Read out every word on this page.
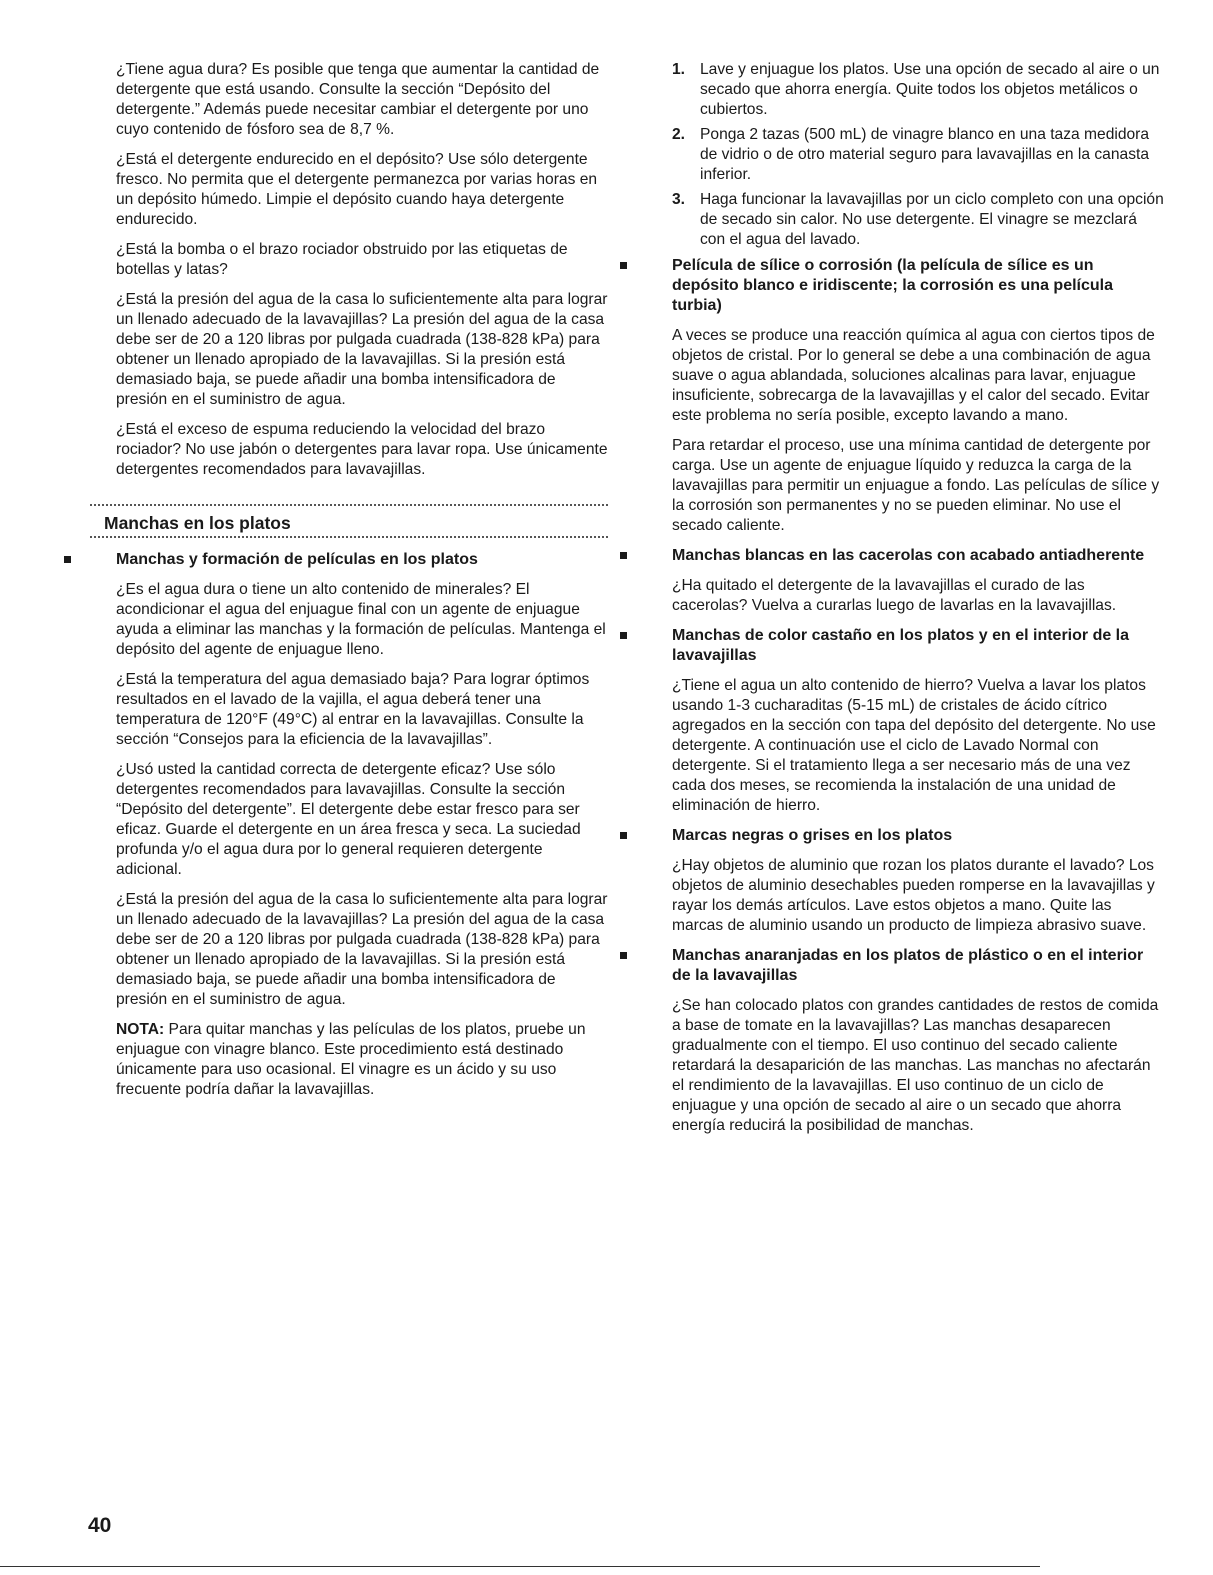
¿Tiene agua dura? Es posible que tenga que aumentar la cantidad de detergente que está usando. Consulte la sección “Depósito del detergente.” Además puede necesitar cambiar el detergente por uno cuyo contenido de fósforo sea de 8,7 %.

¿Está el detergente endurecido en el depósito? Use sólo detergente fresco. No permita que el detergente permanezca por varias horas en un depósito húmedo. Limpie el depósito cuando haya detergente endurecido.

¿Está la bomba o el brazo rociador obstruido por las etiquetas de botellas y latas?

¿Está la presión del agua de la casa lo suficientemente alta para lograr un llenado adecuado de la lavavajillas? La presión del agua de la casa debe ser de 20 a 120 libras por pulgada cuadrada (138-828 kPa) para obtener un llenado apropiado de la lavavajillas. Si la presión está demasiado baja, se puede añadir una bomba intensificadora de presión en el suministro de agua.

¿Está el exceso de espuma reduciendo la velocidad del brazo rociador? No use jabón o detergentes para lavar ropa. Use únicamente detergentes recomendados para lavavajillas.

Manchas en los platos
Manchas y formación de películas en los platos

¿Es el agua dura o tiene un alto contenido de minerales? El acondicionar el agua del enjuague final con un agente de enjuague ayuda a eliminar las manchas y la formación de películas. Mantenga el depósito del agente de enjuague lleno.

¿Está la temperatura del agua demasiado baja? Para lograr óptimos resultados en el lavado de la vajilla, el agua deberá tener una temperatura de 120°F (49°C) al entrar en la lavavajillas. Consulte la sección “Consejos para la eficiencia de la lavavajillas”.

¿Usó usted la cantidad correcta de detergente eficaz? Use sólo detergentes recomendados para lavavajillas. Consulte la sección “Depósito del detergente”. El detergente debe estar fresco para ser eficaz. Guarde el detergente en un área fresca y seca. La suciedad profunda y/o el agua dura por lo general requieren detergente adicional.

¿Está la presión del agua de la casa lo suficientemente alta para lograr un llenado adecuado de la lavavajillas? La presión del agua de la casa debe ser de 20 a 120 libras por pulgada cuadrada (138-828 kPa) para obtener un llenado apropiado de la lavavajillas. Si la presión está demasiado baja, se puede añadir una bomba intensificadora de presión en el suministro de agua.

NOTA: Para quitar manchas y las películas de los platos, pruebe un enjuague con vinagre blanco. Este procedimiento está destinado únicamente para uso ocasional. El vinagre es un ácido y su uso frecuente podría dañar la lavavajillas.

1. Lave y enjuague los platos. Use una opción de secado al aire o un secado que ahorra energía. Quite todos los objetos metálicos o cubiertos.
2. Ponga 2 tazas (500 mL) de vinagre blanco en una taza medidora de vidrio o de otro material seguro para lavavajillas en la canasta inferior.
3. Haga funcionar la lavavajillas por un ciclo completo con una opción de secado sin calor. No use detergente. El vinagre se mezclará con el agua del lavado.
Película de sílice o corrosión (la película de sílice es un depósito blanco e iridiscente; la corrosión es una película turbia)

A veces se produce una reacción química al agua con ciertos tipos de objetos de cristal. Por lo general se debe a una combinación de agua suave o agua ablandada, soluciones alcalinas para lavar, enjuague insuficiente, sobrecarga de la lavavajillas y el calor del secado. Evitar este problema no sería posible, excepto lavando a mano.

Para retardar el proceso, use una mínima cantidad de detergente por carga. Use un agente de enjuague líquido y reduzca la carga de la lavavajillas para permitir un enjuague a fondo. Las películas de sílice y la corrosión son permanentes y no se pueden eliminar. No use el secado caliente.

Manchas blancas en las cacerolas con acabado antiadherente

¿Ha quitado el detergente de la lavavajillas el curado de las cacerolas? Vuelva a curarlas luego de lavarlas en la lavavajillas.

Manchas de color castaño en los platos y en el interior de la lavavajillas

¿Tiene el agua un alto contenido de hierro? Vuelva a lavar los platos usando 1-3 cucharaditas (5-15 mL) de cristales de ácido cítrico agregados en la sección con tapa del depósito del detergente. No use detergente. A continuación use el ciclo de Lavado Normal con detergente. Si el tratamiento llega a ser necesario más de una vez cada dos meses, se recomienda la instalación de una unidad de eliminación de hierro.

Marcas negras o grises en los platos

¿Hay objetos de aluminio que rozan los platos durante el lavado? Los objetos de aluminio desechables pueden romperse en la lavavajillas y rayar los demás artículos. Lave estos objetos a mano. Quite las marcas de aluminio usando un producto de limpieza abrasivo suave.

Manchas anaranjadas en los platos de plástico o en el interior de la lavavajillas

¿Se han colocado platos con grandes cantidades de restos de comida a base de tomate en la lavavajillas? Las manchas desaparecen gradualmente con el tiempo. El uso continuo del secado caliente retardará la desaparición de las manchas. Las manchas no afectarán el rendimiento de la lavavajillas. El uso continuo de un ciclo de enjuague y una opción de secado al aire o un secado que ahorra energía reducirá la posibilidad de manchas.

40
